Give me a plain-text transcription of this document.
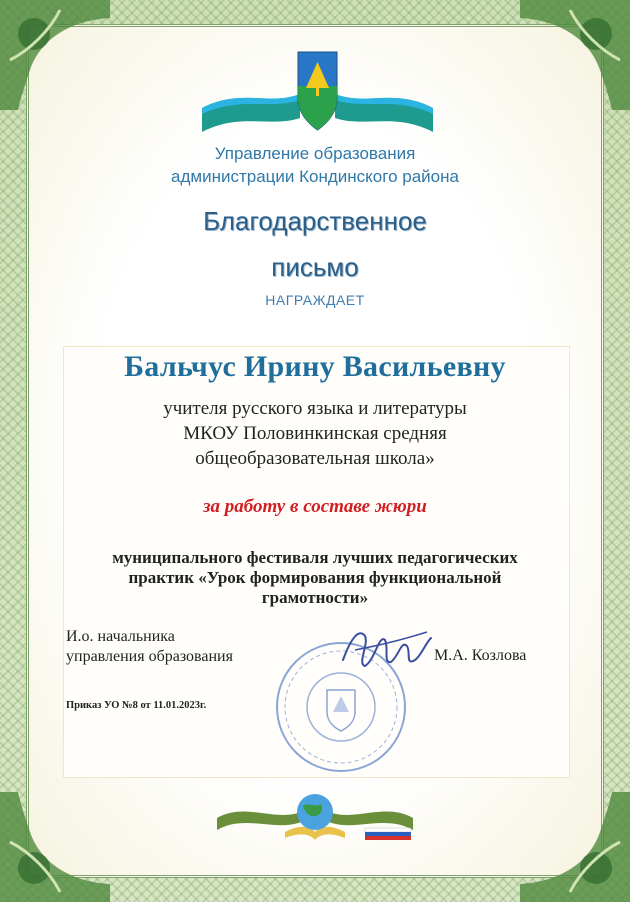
Управление образования
администрации Кондинского района
Благодарственное
письмо
НАГРАЖДАЕТ
Бальчус Ирину Васильевну
учителя русского языка и литературы
МКОУ Половинкинская средняя
общеобразовательная школа»
за работу в составе жюри
муниципального фестиваля лучших педагогических
практик «Урок формирования функциональной
грамотности»
И.о. начальника
управления образования	М.А. Козлова
Приказ УО №8 от 11.01.2023г.
